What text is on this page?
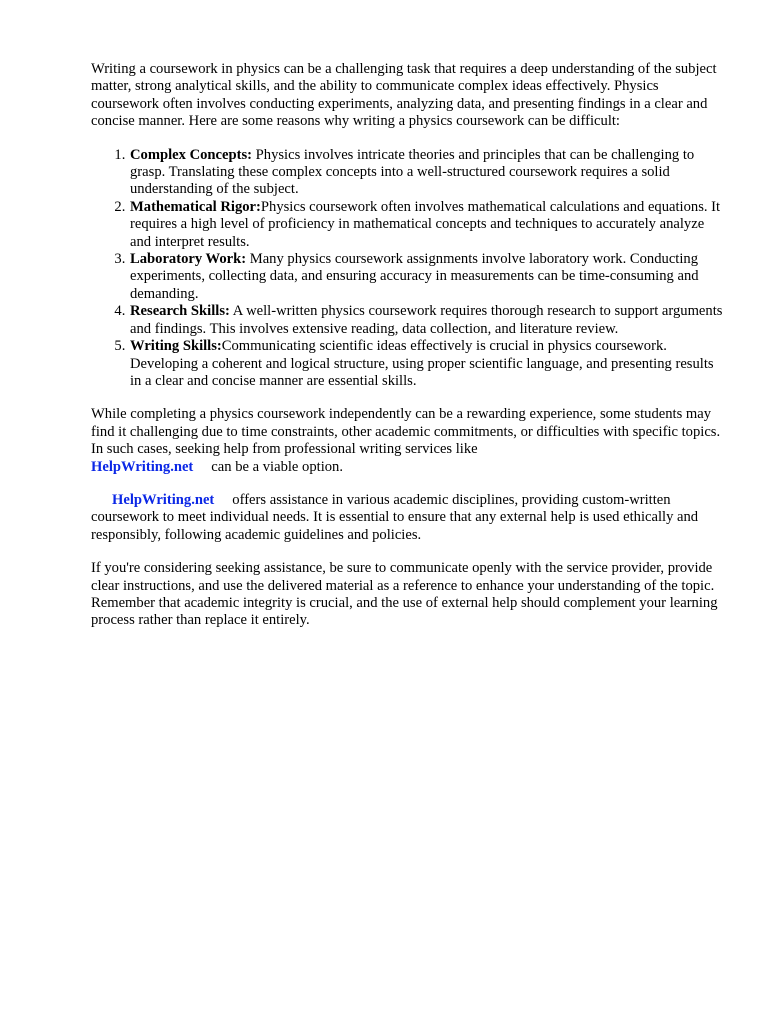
Writing a coursework in physics can be a challenging task that requires a deep understanding of the subject matter, strong analytical skills, and the ability to communicate complex ideas effectively. Physics coursework often involves conducting experiments, analyzing data, and presenting findings in a clear and concise manner. Here are some reasons why writing a physics coursework can be difficult:

1. Complex Concepts: Physics involves intricate theories and principles that can be challenging to grasp. Translating these complex concepts into a well-structured coursework requires a solid understanding of the subject.
2. Mathematical Rigor:Physics coursework often involves mathematical calculations and equations. It requires a high level of proficiency in mathematical concepts and techniques to accurately analyze and interpret results.
3. Laboratory Work: Many physics coursework assignments involve laboratory work. Conducting experiments, collecting data, and ensuring accuracy in measurements can be time-consuming and demanding.
4. Research Skills: A well-written physics coursework requires thorough research to support arguments and findings. This involves extensive reading, data collection, and literature review.
5. Writing Skills:Communicating scientific ideas effectively is crucial in physics coursework. Developing a coherent and logical structure, using proper scientific language, and presenting results in a clear and concise manner are essential skills.

While completing a physics coursework independently can be a rewarding experience, some students may find it challenging due to time constraints, other academic commitments, or difficulties with specific topics. In such cases, seeking help from professional writing services like
HelpWriting.net can be a viable option.

HelpWriting.net offers assistance in various academic disciplines, providing custom-written coursework to meet individual needs. It is essential to ensure that any external help is used ethically and responsibly, following academic guidelines and policies.

If you're considering seeking assistance, be sure to communicate openly with the service provider, provide clear instructions, and use the delivered material as a reference to enhance your understanding of the topic. Remember that academic integrity is crucial, and the use of external help should complement your learning process rather than replace it entirely.
